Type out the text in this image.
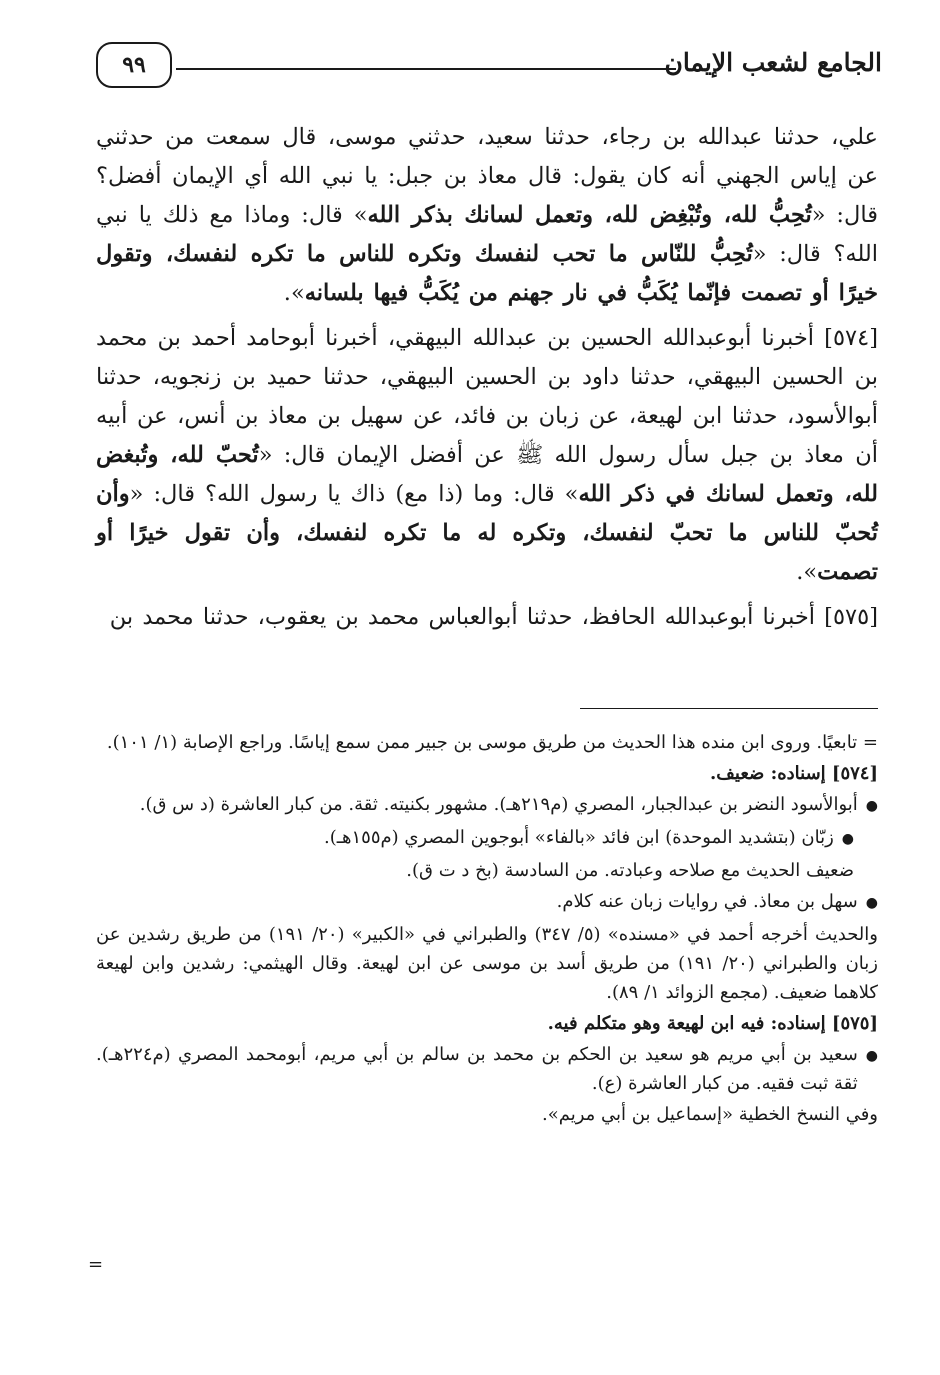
الجامع لشعب الإيمان
٩٩

علي، حدثنا عبدالله بن رجاء، حدثنا سعيد، حدثني موسى، قال سمعت من حدثني عن إياس الجهني أنه كان يقول: قال معاذ بن جبل: يا نبي الله أي الإيمان أفضل؟ قال: «تُحِبُّ لله، وتُبْغِض لله، وتعمل لسانك بذكر الله» قال: وماذا مع ذلك يا نبي الله؟ قال: «تُحِبُّ للنّاس ما تحب لنفسك وتكره للناس ما تكره لنفسك، وتقول خيرًا أو تصمت فإنّما يُكَبُّ في نار جهنم من يُكَبُّ فيها بلسانه».

[٥٧٤] أخبرنا أبوعبدالله الحسين بن عبدالله البيهقي، أخبرنا أبوحامد أحمد بن محمد بن الحسين البيهقي، حدثنا داود بن الحسين البيهقي، حدثنا حميد بن زنجويه، حدثنا أبوالأسود، حدثنا ابن لهيعة، عن زبان بن فائد، عن سهيل بن معاذ بن أنس، عن أبيه أن معاذ بن جبل سأل رسول الله ﷺ عن أفضل الإيمان قال: «تُحبّ لله، وتُبغض لله، وتعمل لسانك في ذكر الله» قال: وما (ذا مع) ذاك يا رسول الله؟ قال: «وأن تُحبّ للناس ما تحبّ لنفسك، وتكره له ما تكره لنفسك، وأن تقول خيرًا أو تصمت».

[٥٧٥] أخبرنا أبوعبدالله الحافظ، حدثنا أبوالعباس محمد بن يعقوب، حدثنا محمد بن

= تابعيًا. وروى ابن منده هذا الحديث من طريق موسى بن جبير ممن سمع إياسًا. وراجع الإصابة (١/ ١٠١).

[٥٧٤] إسناده: ضعيف.

●
أبوالأسود النضر بن عبدالجبار، المصري (م٢١٩هـ). مشهور بكنيته. ثقة. من كبار العاشرة (د س ق).
●
زبّان (بتشديد الموحدة) ابن فائد «بالفاء» أبوجوين المصري (م١٥٥هـ).

ضعيف الحديث مع صلاحه وعبادته. من السادسة (بخ د ت ق).

●
سهل بن معاذ. في روايات زبان عنه كلام.

والحديث أخرجه أحمد في «مسنده» (٥/ ٣٤٧) والطبراني في «الكبير» (٢٠/ ١٩١) من طريق رشدين عن زبان والطبراني (٢٠/ ١٩١) من طريق أسد بن موسى عن ابن لهيعة. وقال الهيثمي: رشدين وابن لهيعة كلاهما ضعيف. (مجمع الزوائد ١/ ٨٩).

[٥٧٥] إسناده: فيه ابن لهيعة وهو متكلم فيه.

●
سعيد بن أبي مريم هو سعيد بن الحكم بن محمد بن سالم بن أبي مريم، أبومحمد المصري (م٢٢٤هـ). ثقة ثبت فقيه. من كبار العاشرة (ع).

وفي النسخ الخطية «إسماعيل بن أبي مريم».

=
